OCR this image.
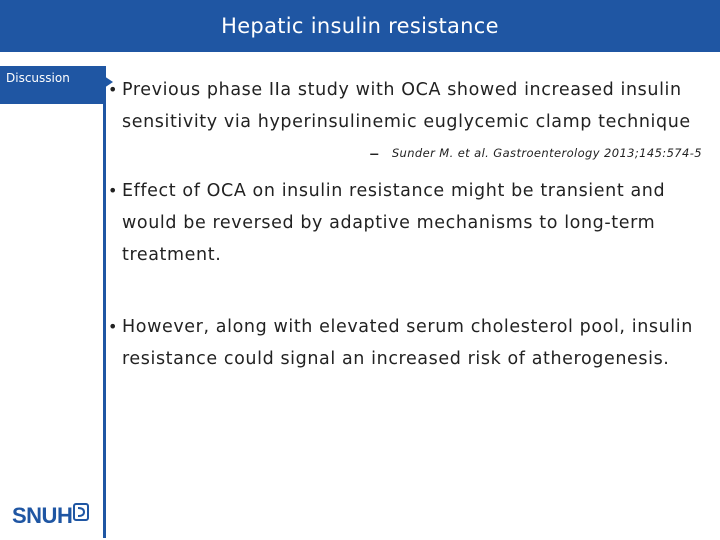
Hepatic insulin resistance
Discussion
• Previous phase IIa study with OCA showed increased insulin sensitivity via hyperinsulinemic euglycemic clamp technique
– Sunder M. et al. Gastroenterology 2013;145:574-5
• Effect of OCA on insulin resistance might be transient and would be reversed by adaptive mechanisms to long-term treatment.
• However, along with elevated serum cholesterol pool, insulin resistance could signal an increased risk of atherogenesis.
SNUH
